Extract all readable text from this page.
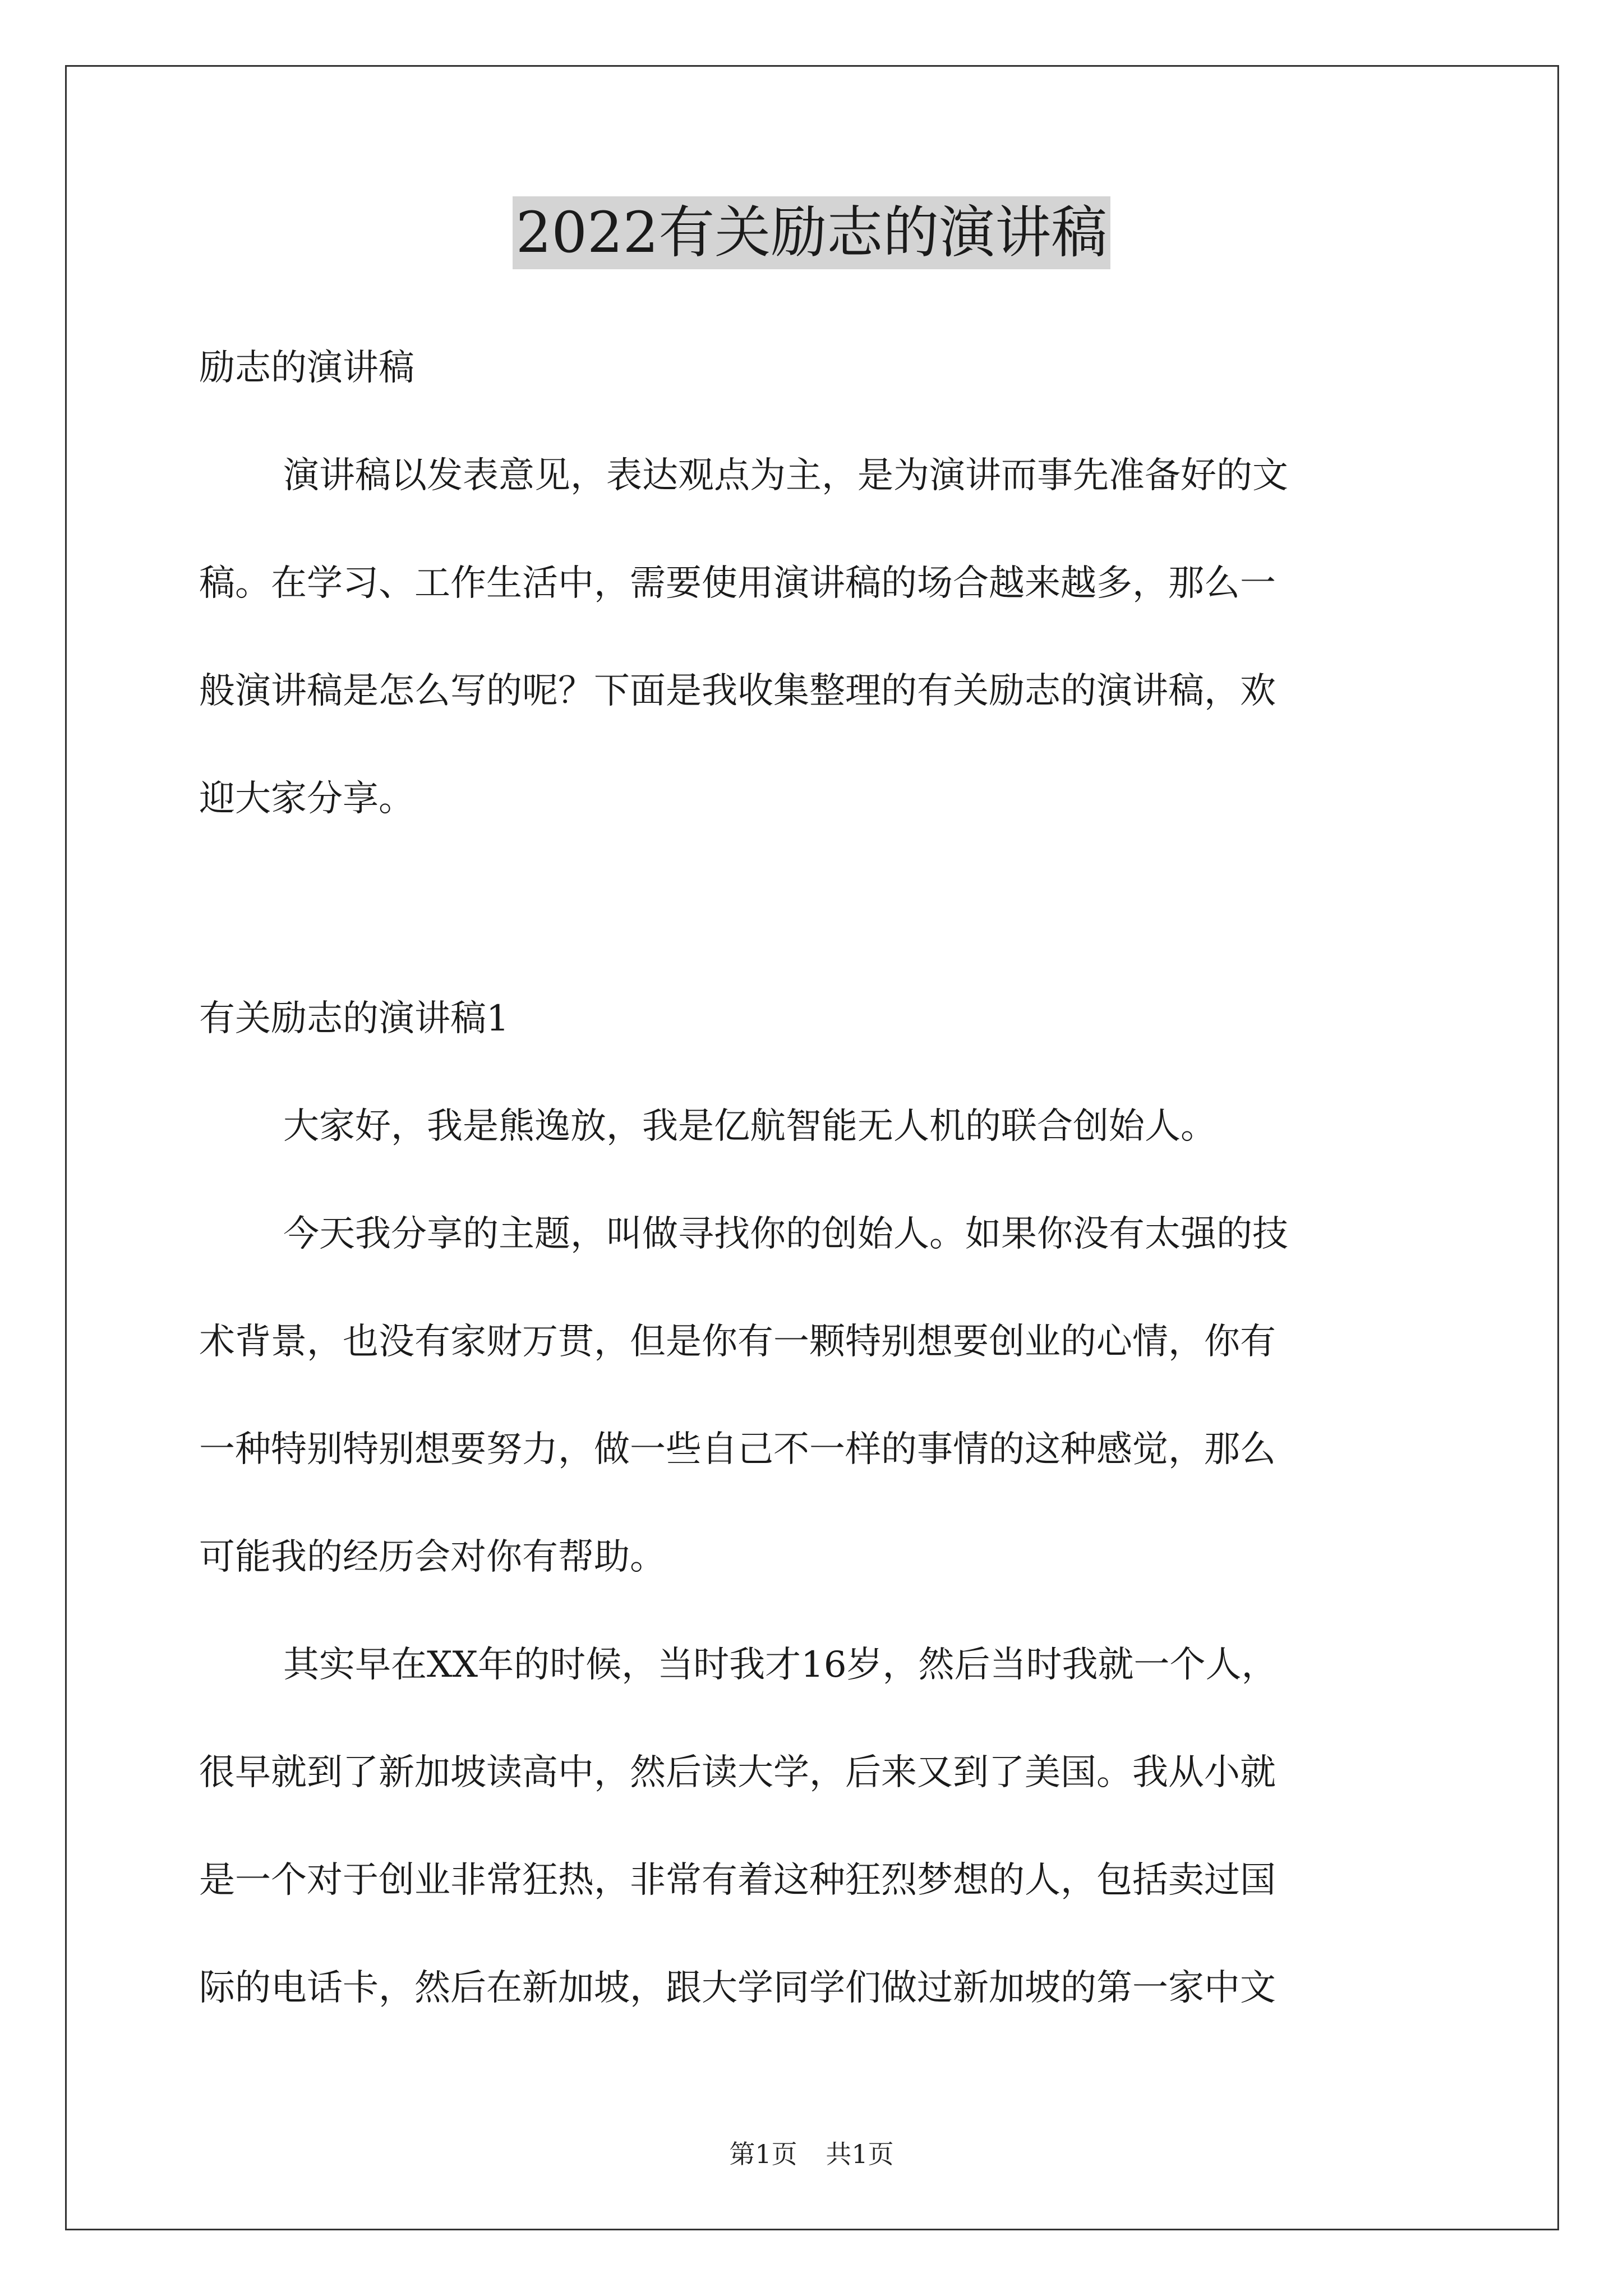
2022有关励志的演讲稿
励志的演讲稿
演讲稿以发表意见，表达观点为主，是为演讲而事先准备好的文
稿。在学习、工作生活中，需要使用演讲稿的场合越来越多，那么一
般演讲稿是怎么写的呢？下面是我收集整理的有关励志的演讲稿，欢
迎大家分享。
有关励志的演讲稿1
大家好，我是熊逸放，我是亿航智能无人机的联合创始人。
今天我分享的主题，叫做寻找你的创始人。如果你没有太强的技
术背景，也没有家财万贯，但是你有一颗特别想要创业的心情，你有
一种特别特别想要努力，做一些自己不一样的事情的这种感觉，那么
可能我的经历会对你有帮助。
其实早在XX年的时候，当时我才16岁，然后当时我就一个人，
很早就到了新加坡读高中，然后读大学，后来又到了美国。我从小就
是一个对于创业非常狂热，非常有着这种狂烈梦想的人，包括卖过国
际的电话卡，然后在新加坡，跟大学同学们做过新加坡的第一家中文
第1页 共1页
